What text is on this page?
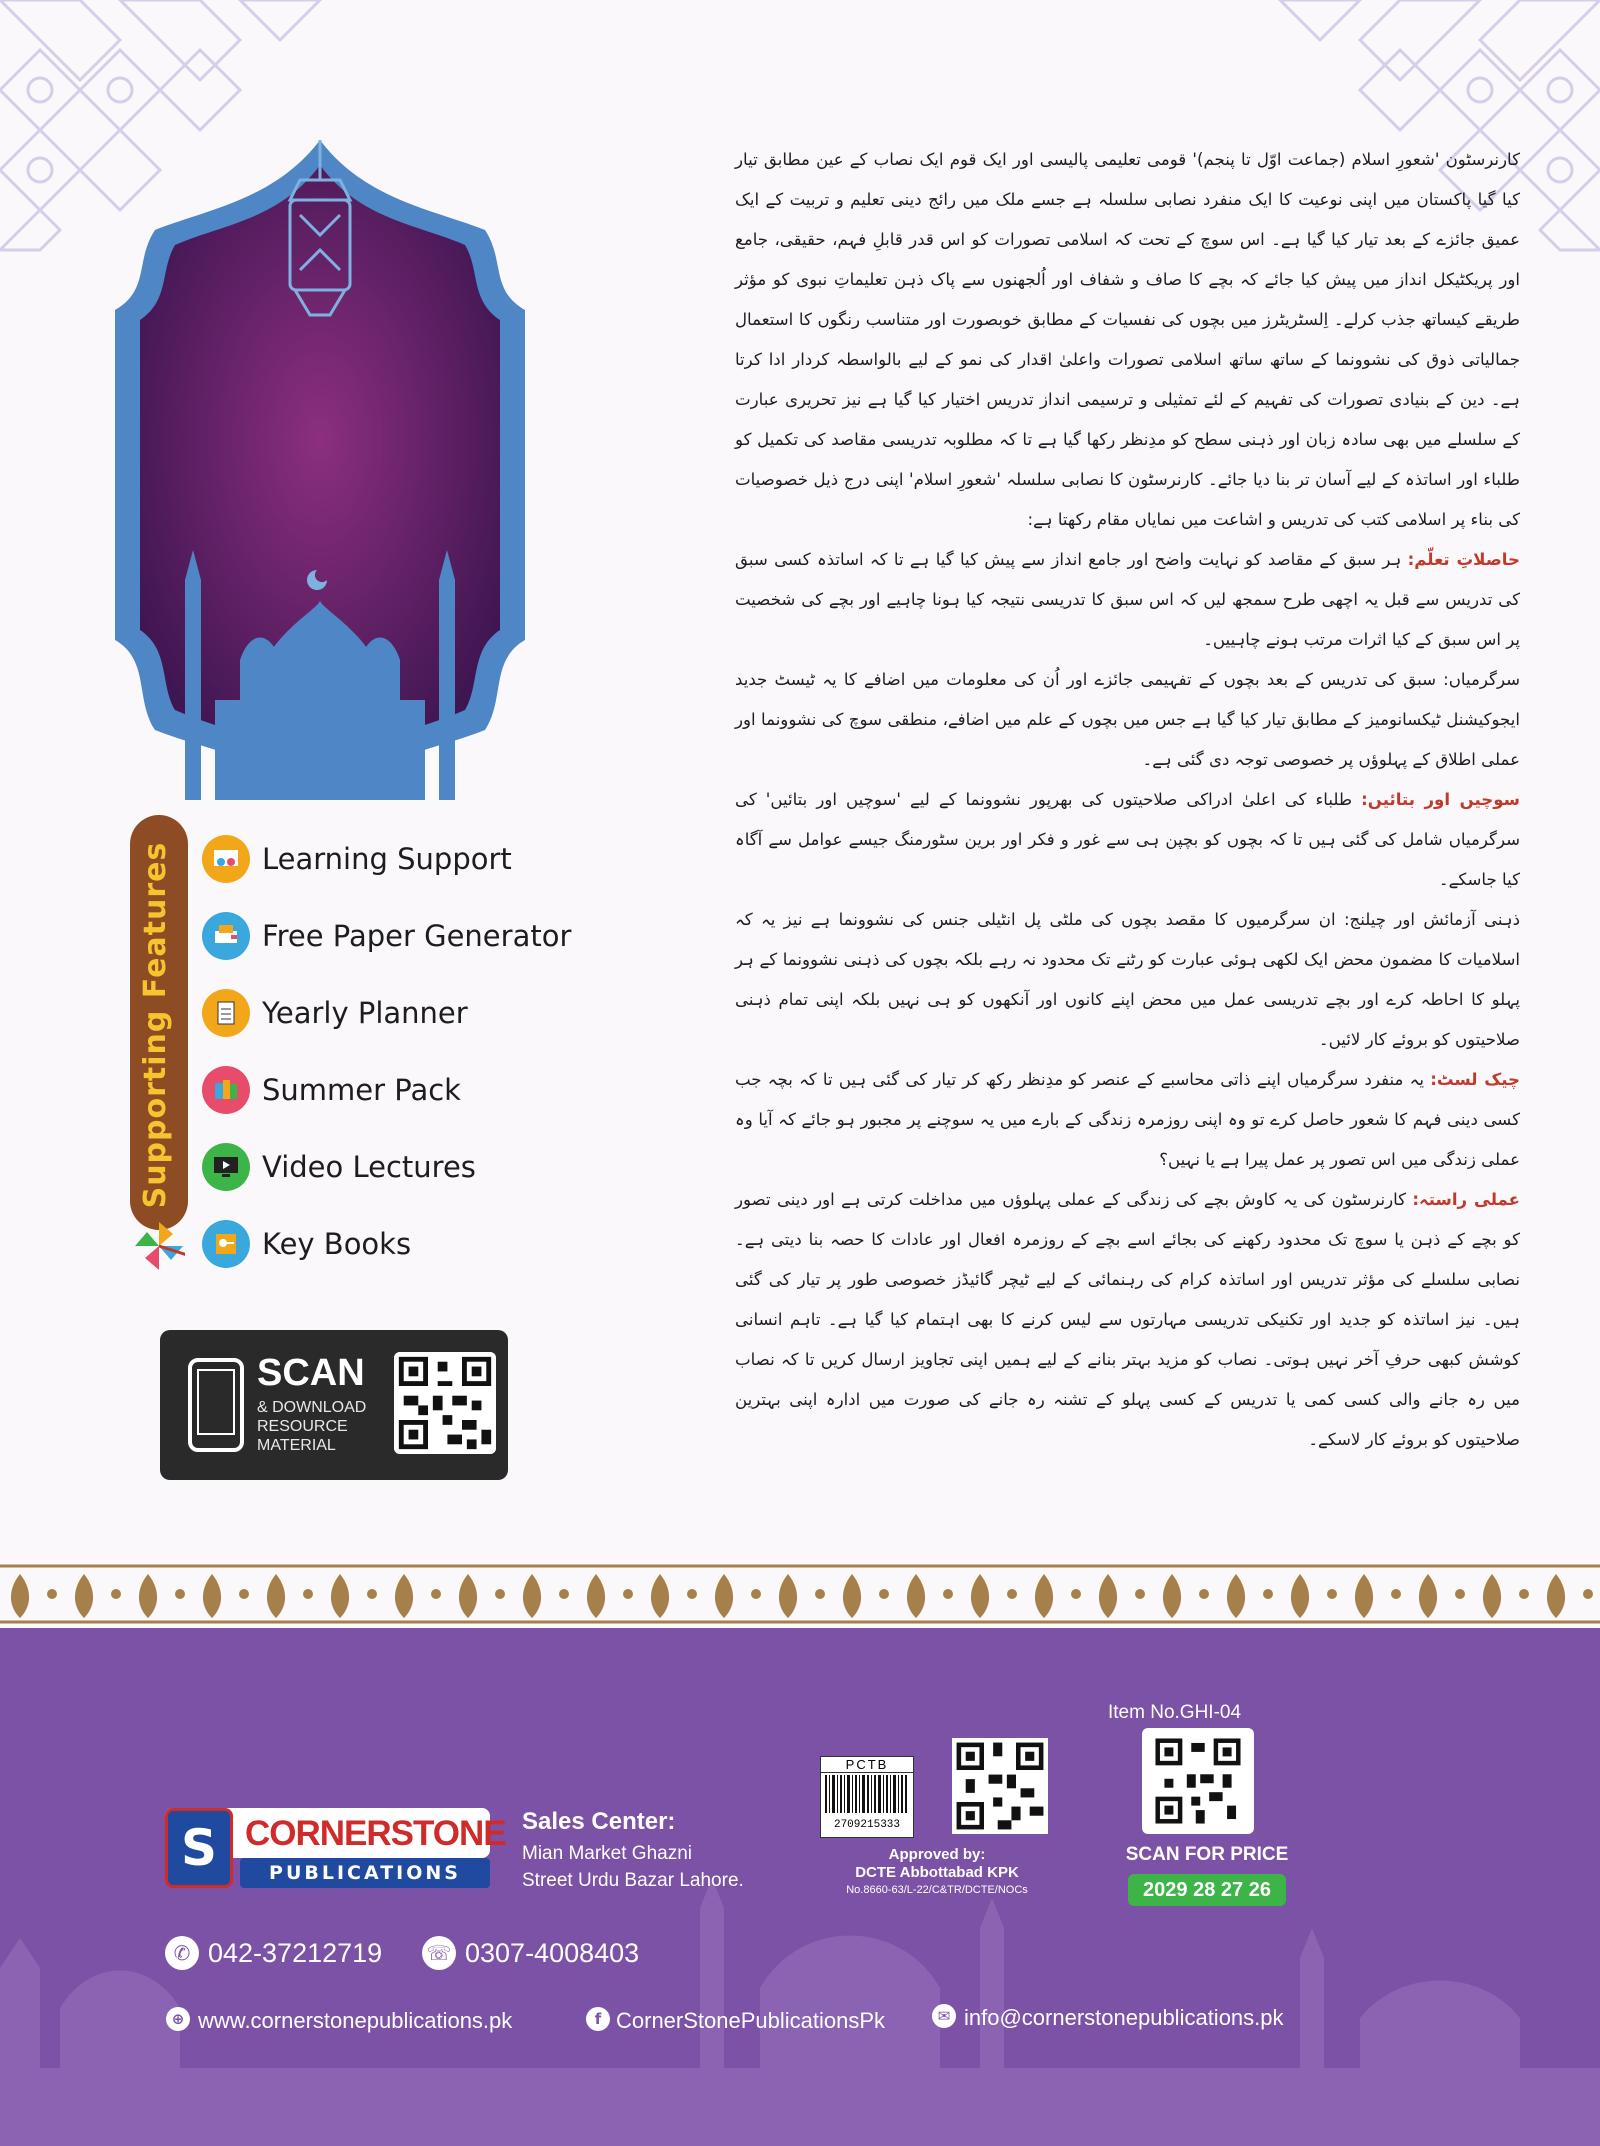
Supporting Features	Learning Support
Free Paper Generator
Yearly Planner
Summer Pack
Video Lectures
Key Books
SCAN
& DOWNLOAD
RESOURCE
MATERIAL

کارنرسٹون 'شعورِ اسلام (جماعت اوّل تا پنجم)' قومی تعلیمی پالیسی اور ایک قوم ایک نصاب کے عین مطابق تیار کیا گیا پاکستان میں اپنی نوعیت کا ایک منفرد نصابی سلسلہ ہے جسے ملک میں رائج دینی تعلیم و تربیت کے ایک عمیق جائزے کے بعد تیار کیا گیا ہے۔ اس سوچ کے تحت کہ اسلامی تصورات کو اس قدر قابلِ فہم، حقیقی، جامع اور پریکٹیکل انداز میں پیش کیا جائے کہ بچے کا صاف و شفاف اور اُلجھنوں سے پاک ذہن تعلیماتِ نبوی کو مؤثر طریقے کیساتھ جذب کرلے۔ اِلسٹریٹرز میں بچوں کی نفسیات کے مطابق خوبصورت اور متناسب رنگوں کا استعمال جمالیاتی ذوق کی نشوونما کے ساتھ ساتھ اسلامی تصورات واعلیٰ اقدار کی نمو کے لیے بالواسطہ کردار ادا کرتا ہے۔ دین کے بنیادی تصورات کی تفہیم کے لئے تمثیلی و ترسیمی انداز تدریس اختیار کیا گیا ہے نیز تحریری عبارت کے سلسلے میں بھی سادہ زبان اور ذہنی سطح کو مدِنظر رکھا گیا ہے تا کہ مطلوبہ تدریسی مقاصد کی تکمیل کو طلباء اور اساتذہ کے لیے آسان تر بنا دیا جائے۔ کارنرسٹون کا نصابی سلسلہ 'شعورِ اسلام' اپنی درج ذیل خصوصیات کی بناء پر اسلامی کتب کی تدریس و اشاعت میں نمایاں مقام رکھتا ہے:

حاصلاتِ تعلّم: ہر سبق کے مقاصد کو نہایت واضح اور جامع انداز سے پیش کیا گیا ہے تا کہ اساتذہ کسی سبق کی تدریس سے قبل یہ اچھی طرح سمجھ لیں کہ اس سبق کا تدریسی نتیجہ کیا ہونا چاہیے اور بچے کی شخصیت پر اس سبق کے کیا اثرات مرتب ہونے چاہییں۔

سرگرمیاں: سبق کی تدریس کے بعد بچوں کے تفہیمی جائزے اور اُن کی معلومات میں اضافے کا یہ ٹیسٹ جدید ایجوکیشنل ٹیکسانومیز کے مطابق تیار کیا گیا ہے جس میں بچوں کے علم میں اضافے، منطقی سوچ کی نشوونما اور عملی اطلاق کے پہلوؤں پر خصوصی توجہ دی گئی ہے۔

سوچیں اور بتائیں: طلباء کی اعلیٰ ادراکی صلاحیتوں کی بھرپور نشوونما کے لیے 'سوچیں اور بتائیں' کی سرگرمیاں شامل کی گئی ہیں تا کہ بچوں کو بچپن ہی سے غور و فکر اور برین سٹورمنگ جیسے عوامل سے آگاہ کیا جاسکے۔

ذہنی آزمائش اور چیلنج: ان سرگرمیوں کا مقصد بچوں کی ملٹی پل انٹیلی جنس کی نشوونما ہے نیز یہ کہ اسلامیات کا مضمون محض ایک لکھی ہوئی عبارت کو رٹنے تک محدود نہ رہے بلکہ بچوں کی ذہنی نشوونما کے ہر پہلو کا احاطہ کرے اور بچے تدریسی عمل میں محض اپنے کانوں اور آنکھوں کو ہی نہیں بلکہ اپنی تمام ذہنی صلاحیتوں کو بروئے کار لائیں۔

چیک لسٹ: یہ منفرد سرگرمیاں اپنے ذاتی محاسبے کے عنصر کو مدِنظر رکھ کر تیار کی گئی ہیں تا کہ بچہ جب کسی دینی فہم کا شعور حاصل کرے تو وہ اپنی روزمرہ زندگی کے بارے میں یہ سوچنے پر مجبور ہو جائے کہ آیا وہ عملی زندگی میں اس تصور پر عمل پیرا ہے یا نہیں؟

عملی راستہ: کارنرسٹون کی یہ کاوش بچے کی زندگی کے عملی پہلوؤں میں مداخلت کرتی ہے اور دینی تصور کو بچے کے ذہن یا سوچ تک محدود رکھنے کی بجائے اسے بچے کے روزمرہ افعال اور عادات کا حصہ بنا دیتی ہے۔ نصابی سلسلے کی مؤثر تدریس اور اساتذہ کرام کی رہنمائی کے لیے ٹیچر گائیڈز خصوصی طور پر تیار کی گئی ہیں۔ نیز اساتذہ کو جدید اور تکنیکی تدریسی مہارتوں سے لیس کرنے کا بھی اہتمام کیا گیا ہے۔ تاہم انسانی کوشش کبھی حرفِ آخر نہیں ہوتی۔ نصاب کو مزید بہتر بنانے کے لیے ہمیں اپنی تجاویز ارسال کریں تا کہ نصاب میں رہ جانے والی کسی کمی یا تدریس کے کسی پہلو کے تشنہ رہ جانے کی صورت میں ادارہ اپنی بہترین صلاحیتوں کو بروئے کار لاسکے۔

CORNERSTONE
PUBLICATIONS
S	Sales Center:
Mian Market Ghazni
Street Urdu Bazar Lahore.
✆ 042-37212719 ☏ 0307-4008403
PCTB
2709215333
Approved by:
DCTE Abbottabad KPK
No.8660-63/L-22/C&TR/DCTE/NOCs
Item No.GHI-04
SCAN FOR PRICE
2029 28 27 26
⊕ www.cornerstonepublications.pk	f CornerStonePublicationsPk	✉ info@cornerstonepublications.pk
